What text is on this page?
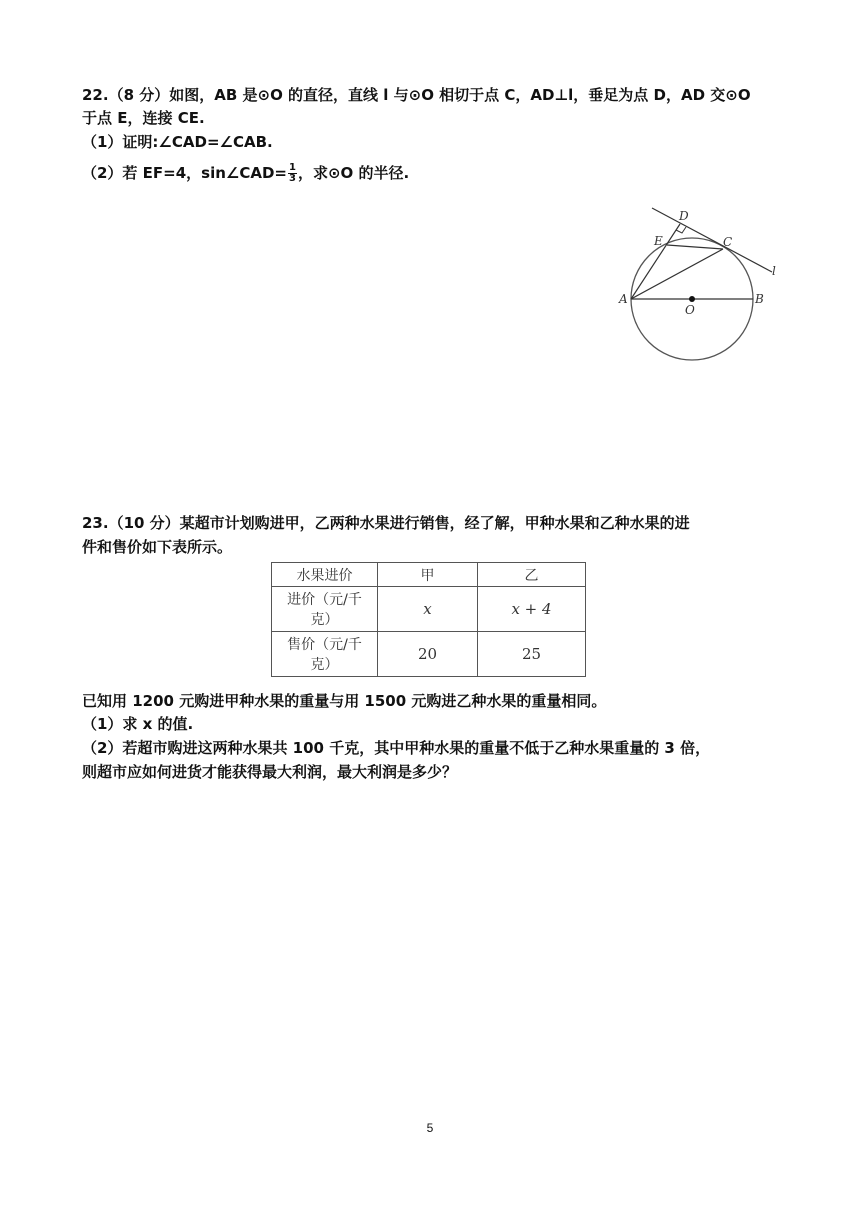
22.（8 分）如图，AB 是⊙O 的直径，直线 l 与⊙O 相切于点 C，AD⊥l，垂足为点 D，AD 交⊙O
于点 E，连接 CE.
（1）证明:∠CAD=∠CAB.
（2）若 EF=4，sin∠CAD= $\frac{1}{3}$ ，求⊙O 的半径.
D
E	C
l
A
O
B
23.（10 分）某超市计划购进甲，乙两种水果进行销售，经了解，甲种水果和乙种水果的进
件和售价如下表所示。
水果进价	甲	乙

进价（元/千
克）	x	x + 4

售价（元/千
克）	20	25
已知用 1200 元购进甲种水果的重量与用 1500 元购进乙种水果的重量相同。
（1）求 x 的值.
（2）若超市购进这两种水果共 100 千克，其中甲种水果的重量不低于乙种水果重量的 3 倍，
则超市应如何进货才能获得最大利润，最大利润是多少？
5
